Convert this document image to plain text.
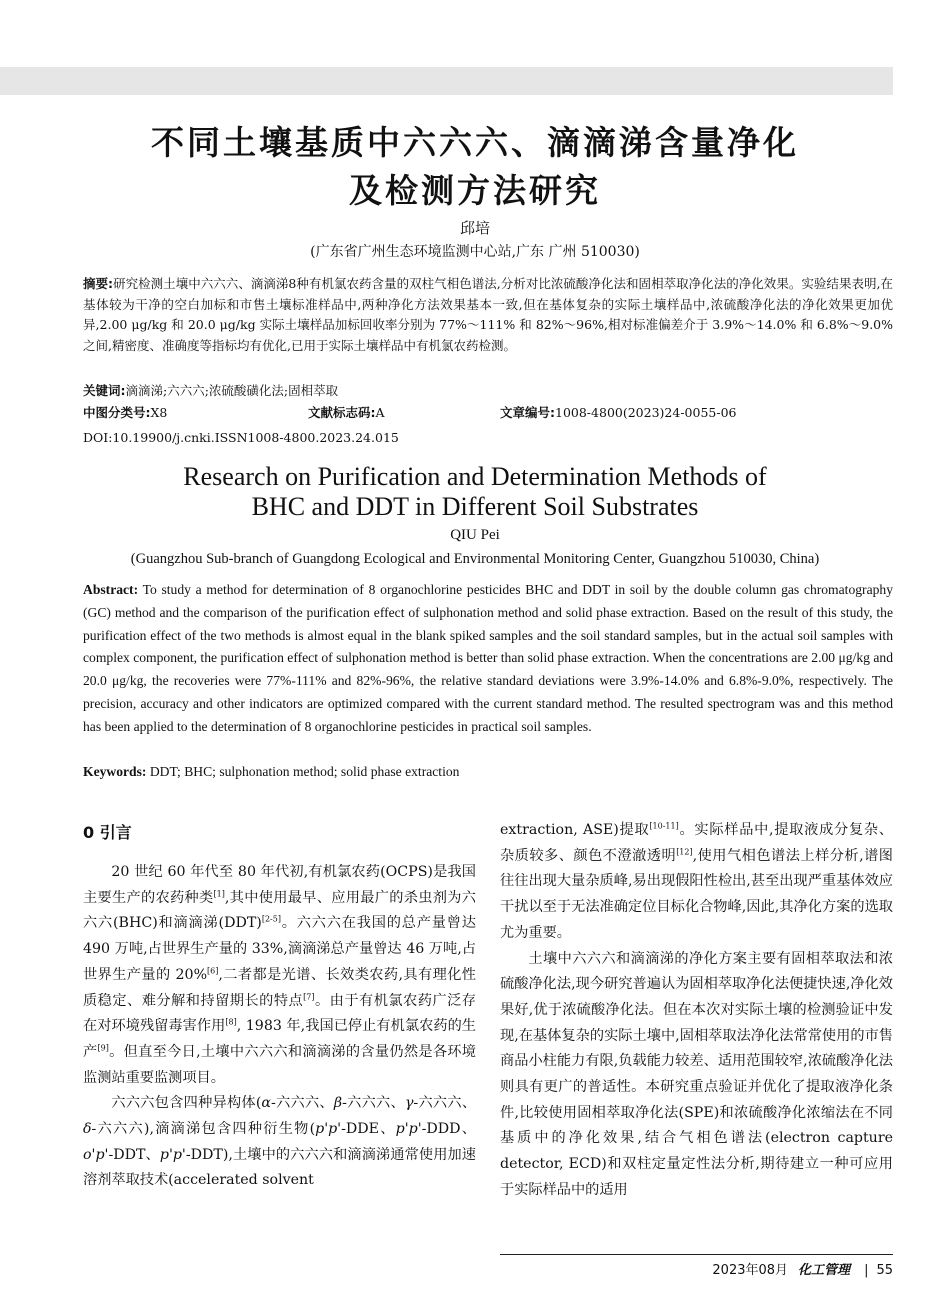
不同土壤基质中六六六、滴滴涕含量净化
及检测方法研究
邱培
(广东省广州生态环境监测中心站,广东 广州 510030)
摘要:研究检测土壤中六六六、滴滴涕8种有机氯农药含量的双柱气相色谱法,分析对比浓硫酸净化法和固相萃取净化法的净化效果。实验结果表明,在基体较为干净的空白加标和市售土壤标准样品中,两种净化方法效果基本一致,但在基体复杂的实际土壤样品中,浓硫酸净化法的净化效果更加优异,2.00 μg/kg 和 20.0 μg/kg 实际土壤样品加标回收率分别为 77%～111% 和 82%～96%,相对标准偏差介于 3.9%～14.0% 和 6.8%～9.0% 之间,精密度、准确度等指标均有优化,已用于实际土壤样品中有机氯农药检测。
关键词:滴滴涕;六六六;浓硫酸磺化法;固相萃取
中图分类号:X8	文献标志码:A	文章编号:1008-4800(2023)24-0055-06
DOI:10.19900/j.cnki.ISSN1008-4800.2023.24.015
Research on Purification and Determination Methods of
BHC and DDT in Different Soil Substrates
QIU Pei
(Guangzhou Sub-branch of Guangdong Ecological and Environmental Monitoring Center, Guangzhou 510030, China)
Abstract: To study a method for determination of 8 organochlorine pesticides BHC and DDT in soil by the double column gas chromatography (GC) method and the comparison of the purification effect of sulphonation method and solid phase extraction. Based on the result of this study, the purification effect of the two methods is almost equal in the blank spiked samples and the soil standard samples, but in the actual soil samples with complex component, the purification effect of sulphonation method is better than solid phase extraction. When the concentrations are 2.00 μg/kg and 20.0 μg/kg, the recoveries were 77%-111% and 82%-96%, the relative standard deviations were 3.9%-14.0% and 6.8%-9.0%, respectively. The precision, accuracy and other indicators are optimized compared with the current standard method. The resulted spectrogram was and this method has been applied to the determination of 8 organochlorine pesticides in practical soil samples.
Keywords: DDT; BHC; sulphonation method; solid phase extraction
0 引言

20 世纪 60 年代至 80 年代初,有机氯农药(OCPS)是我国主要生产的农药种类[1],其中使用最早、应用最广的杀虫剂为六六六(BHC)和滴滴涕(DDT)[2-5]。六六六在我国的总产量曾达 490 万吨,占世界生产量的 33%,滴滴涕总产量曾达 46 万吨,占世界生产量的 20%[6],二者都是光谱、长效类农药,具有理化性质稳定、难分解和持留期长的特点[7]。由于有机氯农药广泛存在对环境残留毒害作用[8], 1983 年,我国已停止有机氯农药的生产[9]。但直至今日,土壤中六六六和滴滴涕的含量仍然是各环境监测站重要监测项目。

六六六包含四种异构体(α-六六六、β-六六六、γ-六六六、δ-六六六),滴滴涕包含四种衍生物(p'p'-DDE、p'p'-DDD、o'p'-DDT、p'p'-DDT),土壤中的六六六和滴滴涕通常使用加速溶剂萃取技术(accelerated solvent

extraction, ASE)提取[10-11]。实际样品中,提取液成分复杂、杂质较多、颜色不澄澈透明[12],使用气相色谱法上样分析,谱图往往出现大量杂质峰,易出现假阳性检出,甚至出现严重基体效应干扰以至于无法准确定位目标化合物峰,因此,其净化方案的选取尤为重要。

土壤中六六六和滴滴涕的净化方案主要有固相萃取法和浓硫酸净化法,现今研究普遍认为固相萃取净化法便捷快速,净化效果好,优于浓硫酸净化法。但在本次对实际土壤的检测验证中发现,在基体复杂的实际土壤中,固相萃取法净化法常常使用的市售商品小柱能力有限,负载能力较差、适用范围较窄,浓硫酸净化法则具有更广的普适性。本研究重点验证并优化了提取液净化条件,比较使用固相萃取净化法(SPE)和浓硫酸净化浓缩法在不同基质中的净化效果,结合气相色谱法(electron capture detector, ECD)和双柱定量定性法分析,期待建立一种可应用于实际样品中的适用

2023年08月 化工管理 | 55
